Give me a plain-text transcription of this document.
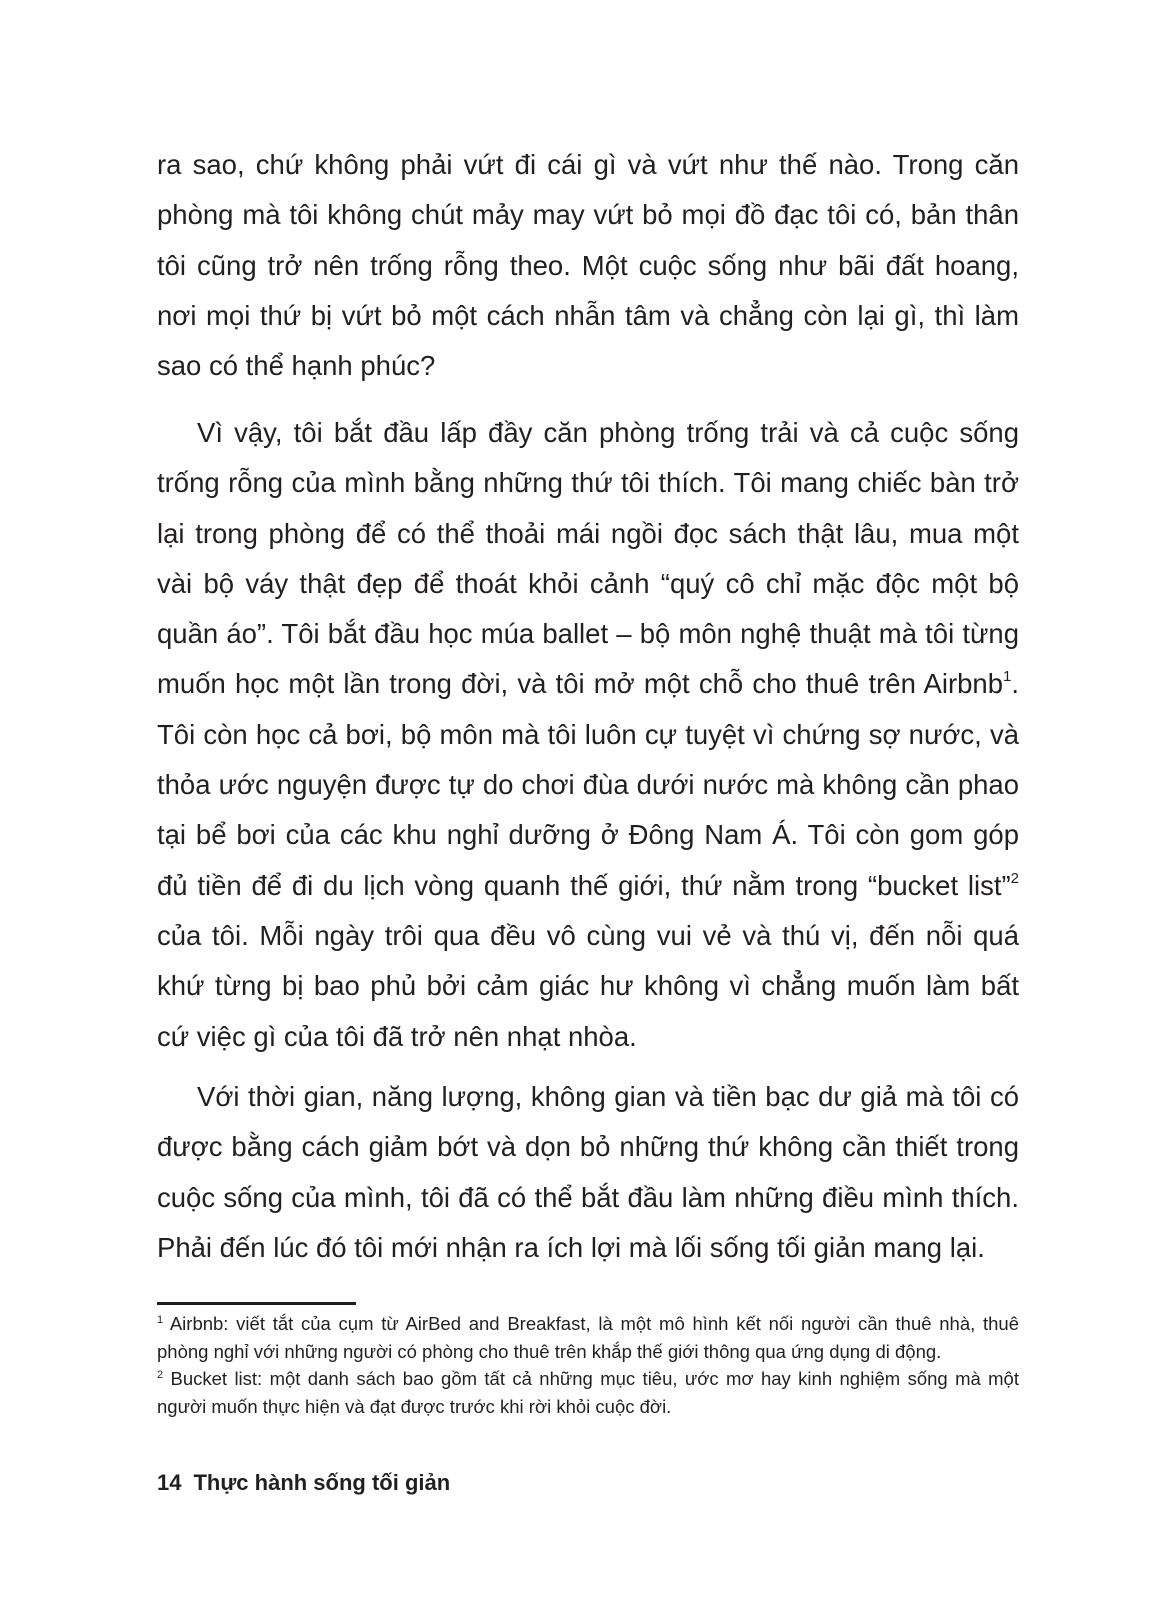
ra sao, chứ không phải vứt đi cái gì và vứt như thế nào. Trong căn phòng mà tôi không chút mảy may vứt bỏ mọi đồ đạc tôi có, bản thân tôi cũng trở nên trống rỗng theo. Một cuộc sống như bãi đất hoang, nơi mọi thứ bị vứt bỏ một cách nhẫn tâm và chẳng còn lại gì, thì làm sao có thể hạnh phúc?

Vì vậy, tôi bắt đầu lấp đầy căn phòng trống trải và cả cuộc sống trống rỗng của mình bằng những thứ tôi thích. Tôi mang chiếc bàn trở lại trong phòng để có thể thoải mái ngồi đọc sách thật lâu, mua một vài bộ váy thật đẹp để thoát khỏi cảnh “quý cô chỉ mặc độc một bộ quần áo”. Tôi bắt đầu học múa ballet – bộ môn nghệ thuật mà tôi từng muốn học một lần trong đời, và tôi mở một chỗ cho thuê trên Airbnb$^1$. Tôi còn học cả bơi, bộ môn mà tôi luôn cự tuyệt vì chứng sợ nước, và thỏa ước nguyện được tự do chơi đùa dưới nước mà không cần phao tại bể bơi của các khu nghỉ dưỡng ở Đông Nam Á. Tôi còn gom góp đủ tiền để đi du lịch vòng quanh thế giới, thứ nằm trong “bucket list”$^2$ của tôi. Mỗi ngày trôi qua đều vô cùng vui vẻ và thú vị, đến nỗi quá khứ từng bị bao phủ bởi cảm giác hư không vì chẳng muốn làm bất cứ việc gì của tôi đã trở nên nhạt nhòa.

Với thời gian, năng lượng, không gian và tiền bạc dư giả mà tôi có được bằng cách giảm bớt và dọn bỏ những thứ không cần thiết trong cuộc sống của mình, tôi đã có thể bắt đầu làm những điều mình thích. Phải đến lúc đó tôi mới nhận ra ích lợi mà lối sống tối giản mang lại.

$^1$ Airbnb: viết tắt của cụm từ AirBed and Breakfast, là một mô hình kết nối người cần thuê nhà, thuê phòng nghỉ với những người có phòng cho thuê trên khắp thế giới thông qua ứng dụng di động.

$^2$ Bucket list: một danh sách bao gồm tất cả những mục tiêu, ước mơ hay kinh nghiệm sống mà một người muốn thực hiện và đạt được trước khi rời khỏi cuộc đời.

14 Thực hành sống tối giản
